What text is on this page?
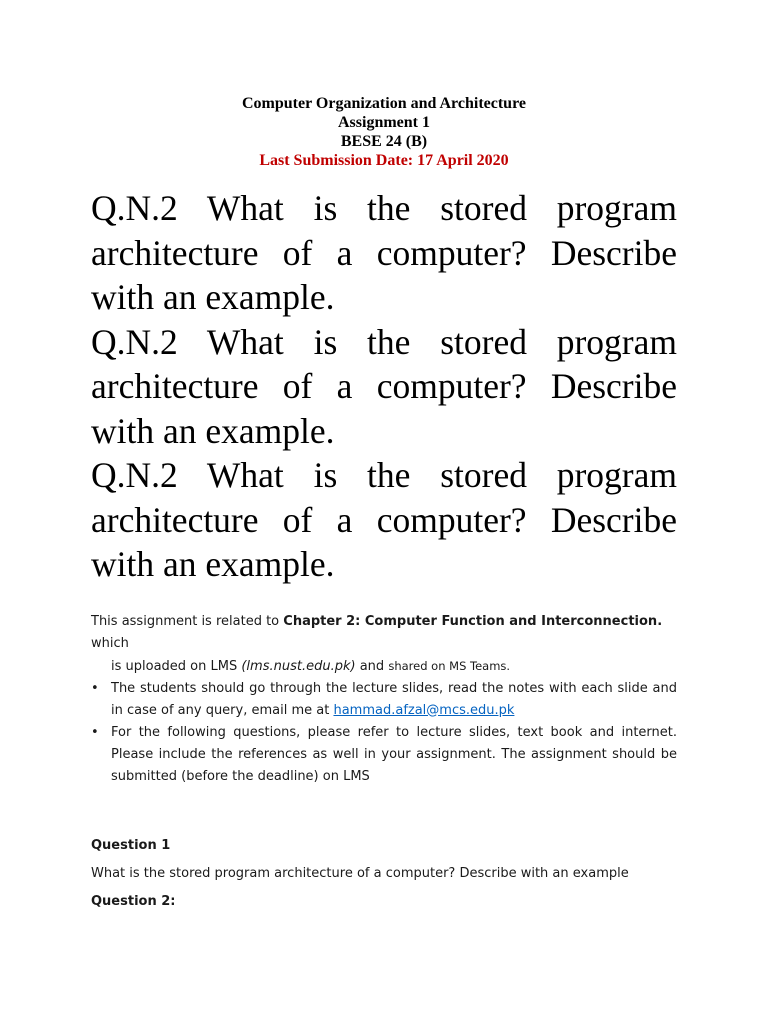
Computer Organization and Architecture
Assignment 1
BESE 24 (B)
Last Submission Date: 17 April 2020

Q.N.2 What is the stored program architecture of a computer? Describe with an example.

Q.N.2 What is the stored program architecture of a computer? Describe with an example.

Q.N.2 What is the stored program architecture of a computer? Describe with an example.

This assignment is related to Chapter 2: Computer Function and Interconnection. which
is uploaded on LMS (lms.nust.edu.pk) and shared on MS Teams.
• The students should go through the lecture slides, read the notes with each slide and in case of any query, email me at hammad.afzal@mcs.edu.pk
• For the following questions, please refer to lecture slides, text book and internet. Please include the references as well in your assignment. The assignment should be submitted (before the deadline) on LMS
Question 1
What is the stored program architecture of a computer? Describe with an example
Question 2:
